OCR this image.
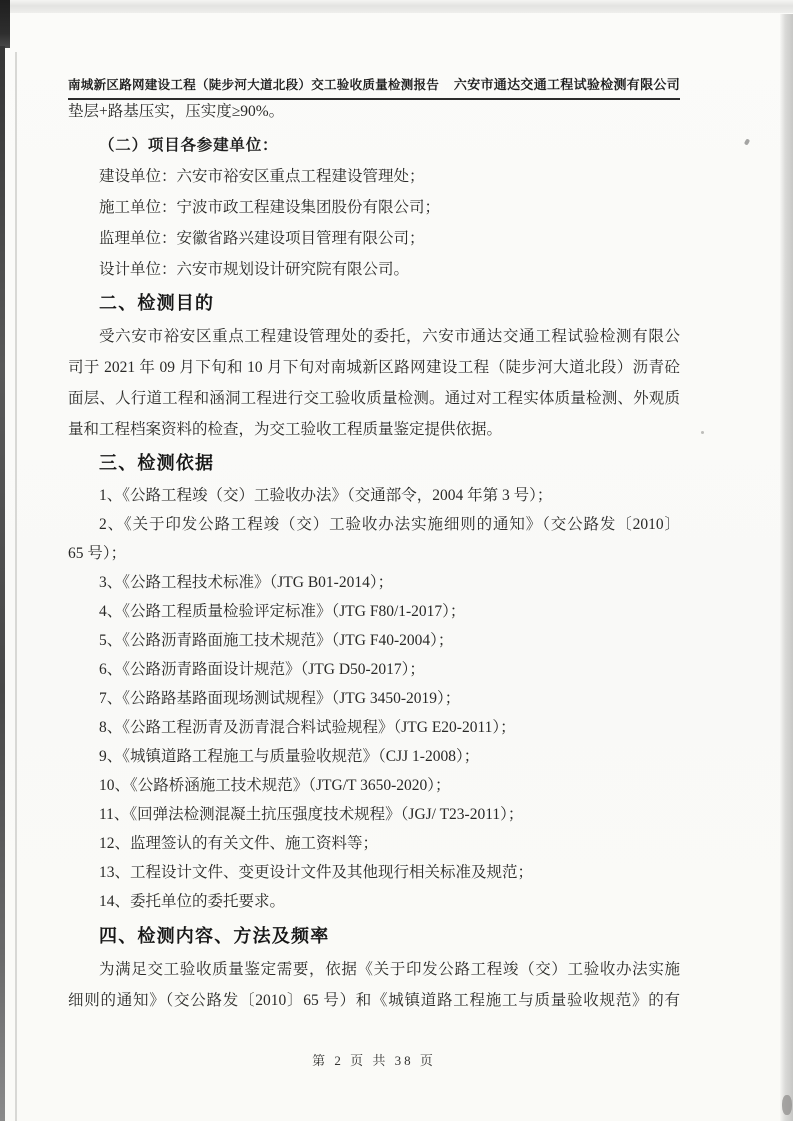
南城新区路网建设工程（陡步河大道北段）交工验收质量检测报告 六安市通达交通工程试验检测有限公司
垫层+路基压实，压实度≥90%。
（二）项目各参建单位：
建设单位：六安市裕安区重点工程建设管理处；
施工单位：宁波市政工程建设集团股份有限公司；
监理单位：安徽省路兴建设项目管理有限公司；
设计单位：六安市规划设计研究院有限公司。
二、检测目的
受六安市裕安区重点工程建设管理处的委托，六安市通达交通工程试验检测有限公
司于 2021 年 09 月下旬和 10 月下旬对南城新区路网建设工程（陡步河大道北段）沥青砼
面层、人行道工程和涵洞工程进行交工验收质量检测。通过对工程实体质量检测、外观质
量和工程档案资料的检查，为交工验收工程质量鉴定提供依据。
三、检测依据
1、《公路工程竣（交）工验收办法》（交通部令，2004 年第 3 号）；
2、《关于印发公路工程竣（交）工验收办法实施细则的通知》（交公路发〔2010〕
65 号）；
3、《公路工程技术标准》（JTG B01-2014）；
4、《公路工程质量检验评定标准》（JTG F80/1-2017）；
5、《公路沥青路面施工技术规范》（JTG F40-2004）；
6、《公路沥青路面设计规范》（JTG D50-2017）；
7、《公路路基路面现场测试规程》（JTG 3450-2019）；
8、《公路工程沥青及沥青混合料试验规程》（JTG E20-2011）；
9、《城镇道路工程施工与质量验收规范》（CJJ 1-2008）；
10、《公路桥涵施工技术规范》（JTG/T 3650-2020）；
11、《回弹法检测混凝土抗压强度技术规程》（JGJ/ T23-2011）；
12、监理签认的有关文件、施工资料等；
13、工程设计文件、变更设计文件及其他现行相关标准及规范；
14、委托单位的委托要求。
四、检测内容、方法及频率
为满足交工验收质量鉴定需要，依据《关于印发公路工程竣（交）工验收办法实施
细则的通知》（交公路发〔2010〕65 号）和《城镇道路工程施工与质量验收规范》的有
第 2 页 共 38 页
